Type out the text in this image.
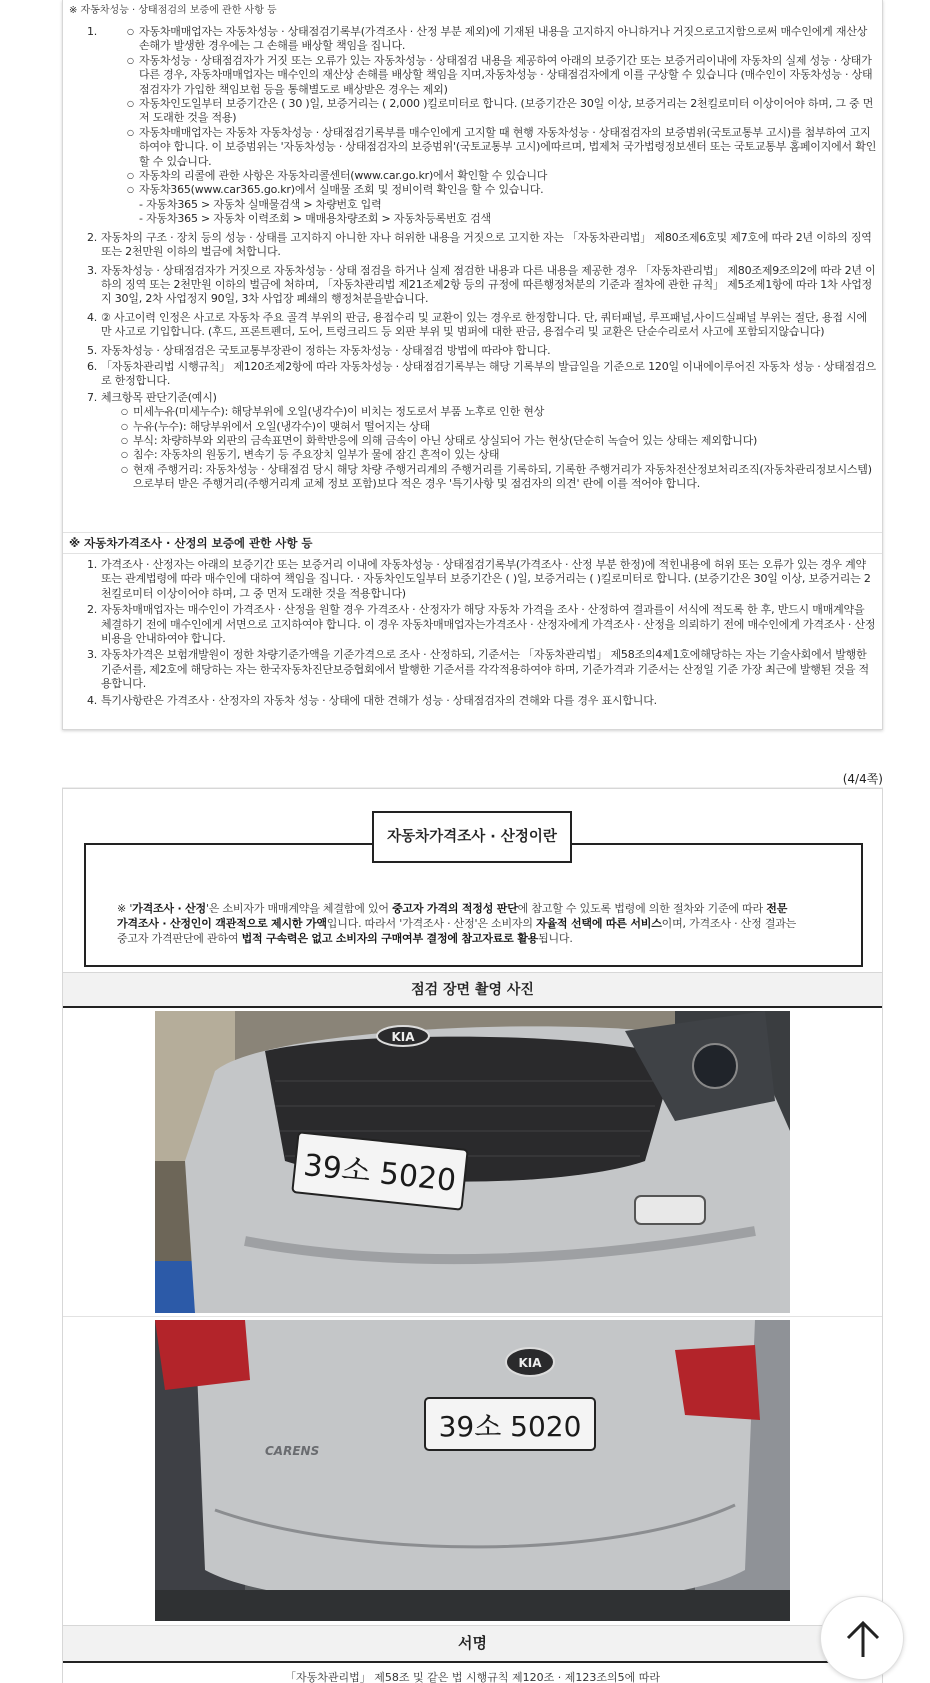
※ 자동차성능 · 상태점검의 보증에 관한 사항 등
1.
○	자동차매매업자는 자동차성능 · 상태점검기록부(가격조사 · 산정 부분 제외)에 기재된 내용을 고지하지 아니하거나 거짓으로고지함으로써 매수인에게 재산상 손해가 발생한 경우에는 그 손해를 배상할 책임을 집니다.
○ 자동차성능 · 상태점검자가 거짓 또는 오류가 있는 자동차성능 · 상태점검 내용을 제공하여 아래의 보증기간 또는 보증거리이내에 자동차의 실제 성능 · 상태가 다른 경우, 자동차매매업자는 매수인의 재산상 손해를 배상할 책임을 지며,자동차성능 · 상태점검자에게 이를 구상할 수 있습니다 (매수인이 자동차성능 · 상태점검자가 가입한 책임보험 등을 통해별도로 배상받은 경우는 제외)
○ 자동차인도일부터 보증기간은 ( 30 )일, 보증거리는 ( 2,000 )킬로미터로 합니다. (보증기간은 30일 이상, 보증거리는 2천킬로미터 이상이어야 하며, 그 중 먼저 도래한 것을 적용)
○ 자동차매매업자는 자동차 자동차성능 · 상태점검기록부를 매수인에게 고지할 때 현행 자동차성능 · 상태점검자의 보증범위(국토교통부 고시)를 첨부하여 고지하여야 합니다. 이 보증범위는 '자동차성능 · 상태점검자의 보증범위'(국토교통부 고시)에따르며, 법제처 국가법령정보센터 또는 국토교통부 홈페이지에서 확인할 수 있습니다.
○ 자동차의 리콜에 관한 사항은 자동차리콜센터(www.car.go.kr)에서 확인할 수 있습니다
○ 자동차365(www.car365.go.kr)에서 실매물 조회 및 정비이력 확인을 할 수 있습니다.
- 자동차365 > 자동차 실매물검색 > 차량번호 입력
- 자동차365 > 자동차 이력조회 > 매매용차량조회 > 자동차등록번호 검색
2. 자동차의 구조 · 장치 등의 성능 · 상태를 고지하지 아니한 자나 허위한 내용을 거짓으로 고지한 자는 「자동차관리법」 제80조제6호및 제7호에 따라 2년 이하의 징역 또는 2천만원 이하의 벌금에 처합니다.
3. 자동차성능 · 상태점검자가 거짓으로 자동차성능 · 상태 점검을 하거나 실제 점검한 내용과 다른 내용을 제공한 경우 「자동차관리법」 제80조제9조의2에 따라 2년 이하의 징역 또는 2천만원 이하의 벌금에 처하며, 「자동차관리법 제21조제2항 등의 규정에 따른행정처분의 기준과 절차에 관한 규칙」 제5조제1항에 따라 1차 사업정지 30일, 2차 사업정지 90일, 3차 사업장 폐쇄의 행정처분을받습니다.
4. ② 사고이력 인정은 사고로 자동차 주요 골격 부위의 판금, 용접수리 및 교환이 있는 경우로 한정합니다. 단, 쿼터패널, 루프패널,사이드실패널 부위는 절단, 용접 시에만 사고로 기입합니다. (후드, 프론트펜더, 도어, 트렁크리드 등 외판 부위 및 범퍼에 대한 판금, 용접수리 및 교환은 단순수리로서 사고에 포함되지않습니다)
5. 자동차성능 · 상태점검은 국토교통부장관이 정하는 자동차성능 · 상태점검 방법에 따라야 합니다.
6. 「자동차관리법 시행규칙」 제120조제2항에 따라 자동차성능 · 상태점검기록부는 해당 기록부의 발급일을 기준으로 120일 이내에이루어진 자동차 성능 · 상태점검으로 한정합니다.
7. 체크항목 판단기준(예시)
○ 미세누유(미세누수): 해당부위에 오일(냉각수)이 비치는 정도로서 부품 노후로 인한 현상
○ 누유(누수): 해당부위에서 오일(냉각수)이 맺혀서 떨어지는 상태
○ 부식: 차량하부와 외판의 금속표면이 화학반응에 의해 금속이 아닌 상태로 상실되어 가는 현상(단순히 녹슬어 있는 상태는 제외합니다)
○ 침수: 자동차의 원동기, 변속기 등 주요장치 일부가 물에 잠긴 흔적이 있는 상태
○ 현재 주행거리: 자동차성능 · 상태점검 당시 해당 차량 주행거리계의 주행거리를 기록하되, 기록한 주행거리가 자동차전산정보처리조직(자동차관리정보시스템)으로부터 받은 주행거리(주행거리계 교체 정보 포함)보다 적은 경우 '특기사항 및 점검자의 의견' 란에 이를 적어야 합니다.
※ 자동차가격조사 · 산정의 보증에 관한 사항 등
1. 가격조사 · 산정자는 아래의 보증기간 또는 보증거리 이내에 자동차성능 · 상태점검기록부(가격조사 · 산정 부분 한정)에 적힌내용에 허위 또는 오류가 있는 경우 계약 또는 관계법령에 따라 매수인에 대하여 책임을 집니다. · 자동차인도일부터 보증기간은 ( )일, 보증거리는 ( )킬로미터로 합니다. (보증기간은 30일 이상, 보증거리는 2천킬로미터 이상이어야 하며, 그 중 먼저 도래한 것을 적용합니다)
2. 자동차매매업자는 매수인이 가격조사 · 산정을 원할 경우 가격조사 · 산정자가 해당 자동차 가격을 조사 · 산정하여 결과를이 서식에 적도록 한 후, 반드시 매매계약을 체결하기 전에 매수인에게 서면으로 고지하여야 합니다. 이 경우 자동차매매업자는가격조사 · 산정자에게 가격조사 · 산정을 의뢰하기 전에 매수인에게 가격조사 · 산정 비용을 안내하여야 합니다.
3. 자동차가격은 보험개발원이 정한 차량기준가액을 기준가격으로 조사 · 산정하되, 기준서는 「자동차관리법」 제58조의4제1호에해당하는 자는 기술사회에서 발행한 기준서를, 제2호에 해당하는 자는 한국자동차진단보증협회에서 발행한 기준서를 각각적용하여야 하며, 기준가격과 기준서는 산정일 기준 가장 최근에 발행된 것을 적용합니다.
4. 특기사항란은 가격조사 · 산정자의 자동차 성능 · 상태에 대한 견해가 성능 · 상태점검자의 견해와 다를 경우 표시합니다.
(4/4쪽)
자동차가격조사 · 산정이란
※ '가격조사 · 산정'은 소비자가 매매계약을 체결함에 있어 중고자 가격의 적정성 판단에 참고할 수 있도록 법령에 의한 절차와 기준에 따라 전문 가격조사 · 산정인이 객관적으로 제시한 가액입니다. 따라서 '가격조사 · 산정'은 소비자의 자율적 선택에 따른 서비스이며, 가격조사 · 산정 결과는 중고자 가격판단에 관하여 법적 구속력은 없고 소비자의 구매여부 결정에 참고자료로 활용됩니다.
점검 장면 촬영 사진
KIA
39소 5020
KIA
39소 5020
CARENS
서명
「자동차관리법」 제58조 및 같은 법 시행규칙 제120조 · 제123조의5에 따라
